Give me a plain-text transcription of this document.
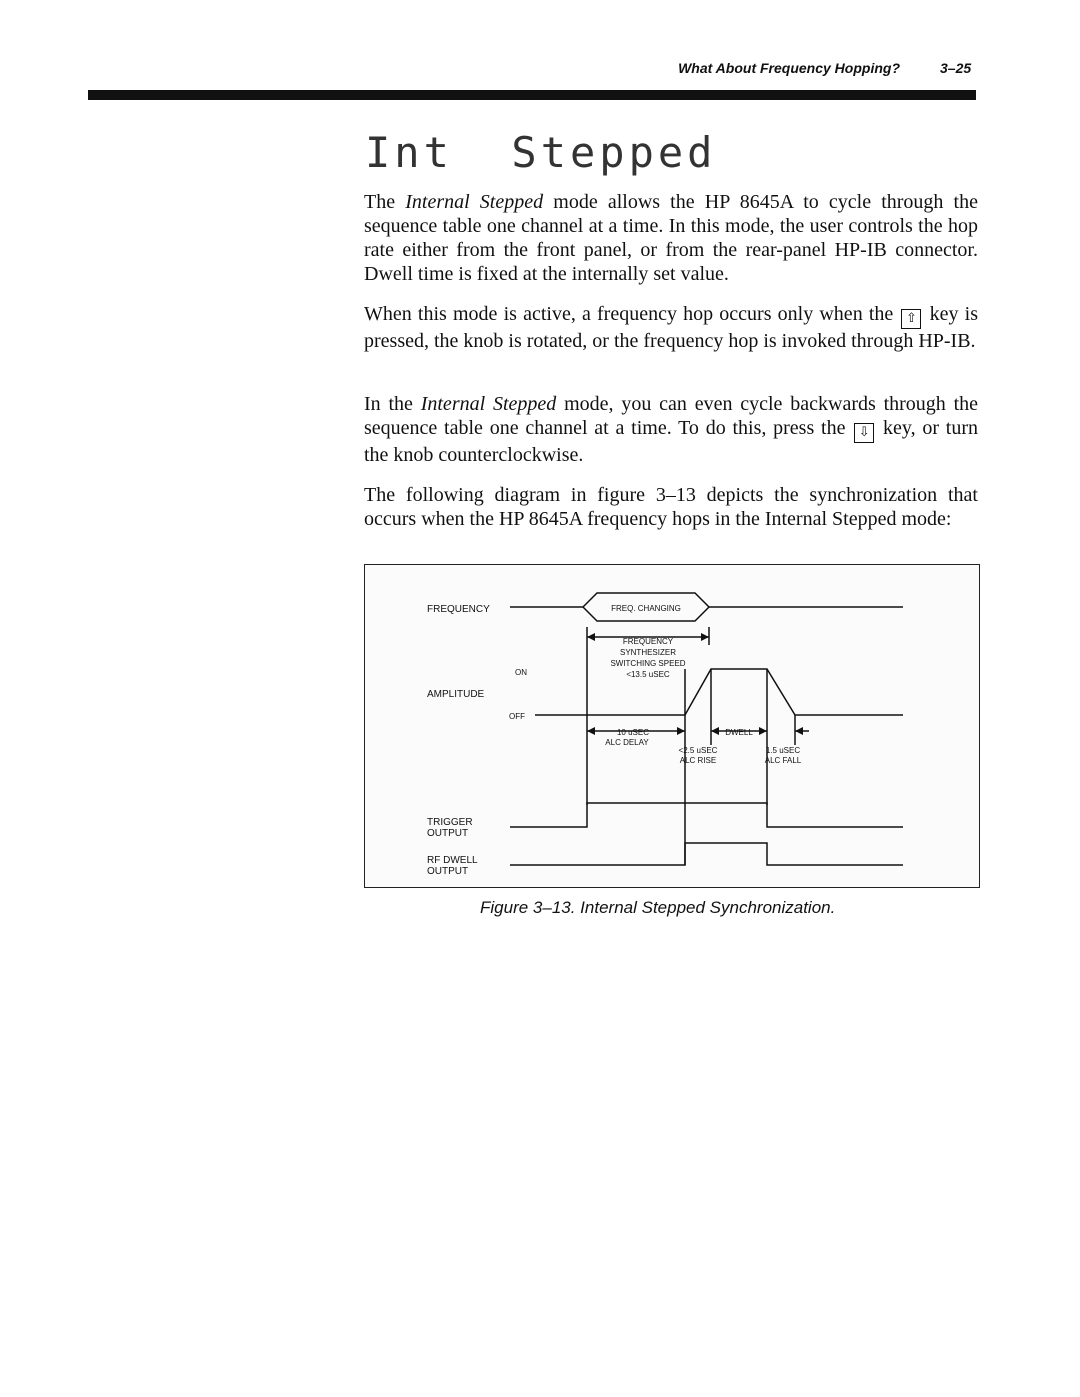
What About Frequency Hopping?	3–25
Int  Stepped
The Internal Stepped mode allows the HP 8645A to cycle through the sequence table one channel at a time. In this mode, the user controls the hop rate either from the front panel, or from the rear-panel HP-IB connector. Dwell time is fixed at the internally set value.
When this mode is active, a frequency hop occurs only when the ⇧ key is pressed, the knob is rotated, or the frequency hop is invoked through HP-IB.
In the Internal Stepped mode, you can even cycle backwards through the sequence table one channel at a time. To do this, press the ⇩ key, or turn the knob counterclockwise.
The following diagram in figure 3–13 depicts the synchronization that occurs when the HP 8645A frequency hops in the Internal Stepped mode:
FREQUENCY	FREQ. CHANGING
FREQUENCY
SYNTHESIZER
SWITCHING SPEED
<13.5 uSEC
ON
AMPLITUDE
OFF
10 uSEC
ALC DELAY
DWELL
<2.5 uSEC
ALC RISE
1.5 uSEC
ALC FALL
TRIGGER
OUTPUT
RF DWELL
OUTPUT
Figure 3–13. Internal Stepped Synchronization.
